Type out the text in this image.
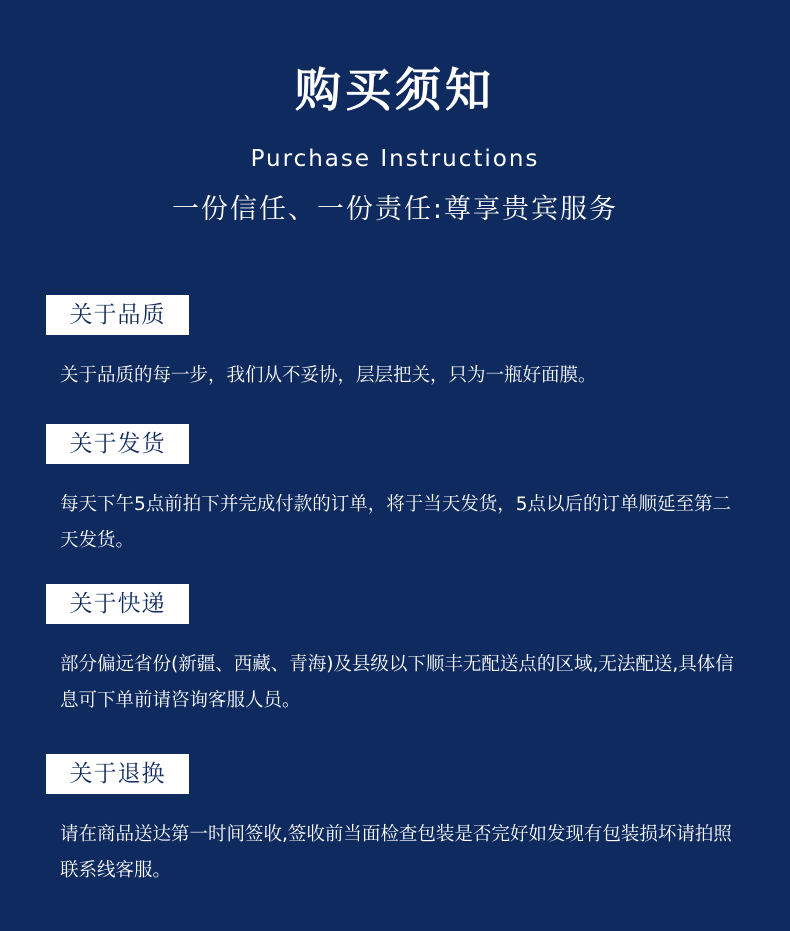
购买须知
Purchase Instructions
一份信任、一份责任:尊享贵宾服务
关于品质
关于品质的每一步，我们从不妥协，层层把关，只为一瓶好面膜。
关于发货
每天下午5点前拍下并完成付款的订单，将于当天发货，5点以后的订单顺延至第二天发货。
关于快递
部分偏远省份(新疆、西藏、青海)及县级以下顺丰无配送点的区域,无法配送,具体信息可下单前请咨询客服人员。
关于退换
请在商品送达第一时间签收,签收前当面检查包装是否完好如发现有包装损坏请拍照联系线客服。
